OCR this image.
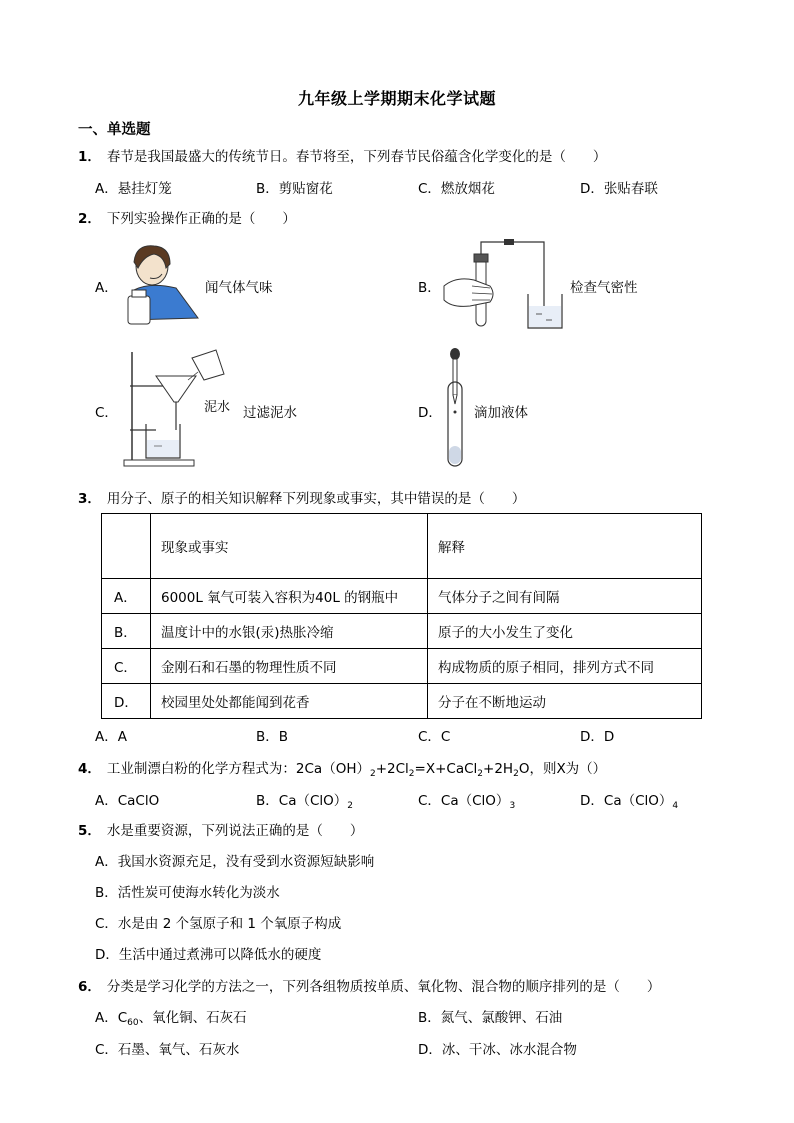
九年级上学期期末化学试题
一、单选题
1． 春节是我国最盛大的传统节日。春节将至，下列春节民俗蕴含化学变化的是（　　）
A．悬挂灯笼	B．剪贴窗花	C．燃放烟花	D．张贴春联
2． 下列实验操作正确的是（　　）
A．	闻气体气味	B．	检查气密性
C．	泥水 过滤泥水	D． 滴加液体
3． 用分子、原子的相关知识解释下列现象或事实，其中错误的是（　　）
	现象或事实	解释
A．	6000L 氧气可装入容积为40L 的钢瓶中	气体分子之间有间隔
B．	温度计中的水银(汞)热胀冷缩	原子的大小发生了变化
C．	金刚石和石墨的物理性质不同	构成物质的原子相同，排列方式不同
D．	校园里处处都能闻到花香	分子在不断地运动
A．A	B．B	C．C	D．D
4． 工业制漂白粉的化学方程式为：$2Ca(OH)_2+2Cl_2=X+CaCl_2+2H_2O$，则X为（）
A．CaClO	B．$Ca(ClO)_2$	C．$Ca(ClO)_3$	D．$Ca(ClO)_4$
5． 水是重要资源，下列说法正确的是（　　）
A．我国水资源充足，没有受到水资源短缺影响
B．活性炭可使海水转化为淡水
C．水是由 2 个氢原子和 1 个氧原子构成
D．生活中通过煮沸可以降低水的硬度
6． 分类是学习化学的方法之一，下列各组物质按单质、氧化物、混合物的顺序排列的是（　　）
A．$C_{60}$、氧化铜、石灰石	B．氮气、氯酸钾、石油
C．石墨、氧气、石灰水	D．冰、干冰、冰水混合物
